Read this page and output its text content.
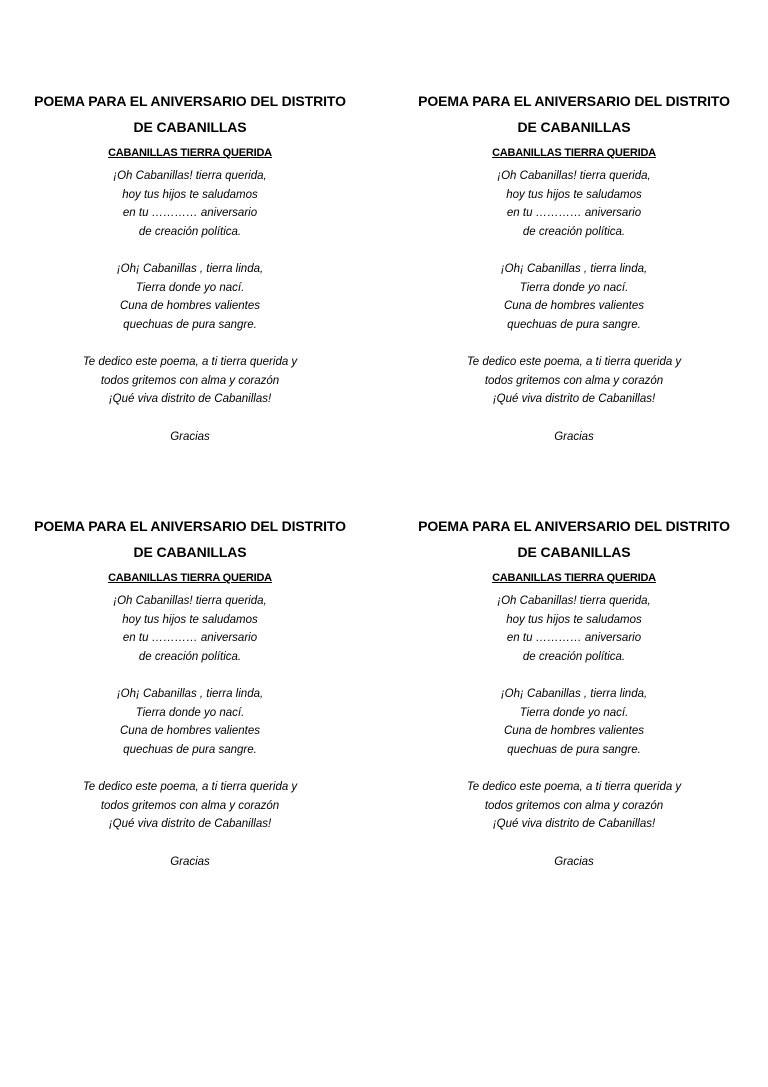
POEMA PARA EL ANIVERSARIO DEL DISTRITO
DE CABANILLAS
CABANILLAS TIERRA QUERIDA
¡Oh Cabanillas! tierra querida,
hoy tus hijos te saludamos
en tu ………… aniversario
de creación política.
¡Oh¡ Cabanillas , tierra linda,
Tierra donde yo nací.
Cuna de hombres valientes
quechuas de pura sangre.
Te dedico este poema, a ti tierra querida y
todos gritemos con alma y corazón
¡Qué viva distrito de Cabanillas!
Gracias
POEMA PARA EL ANIVERSARIO DEL DISTRITO
DE CABANILLAS
CABANILLAS TIERRA QUERIDA
¡Oh Cabanillas! tierra querida,
hoy tus hijos te saludamos
en tu ………… aniversario
de creación política.
¡Oh¡ Cabanillas , tierra linda,
Tierra donde yo nací.
Cuna de hombres valientes
quechuas de pura sangre.
Te dedico este poema, a ti tierra querida y
todos gritemos con alma y corazón
¡Qué viva distrito de Cabanillas!
Gracias
POEMA PARA EL ANIVERSARIO DEL DISTRITO
DE CABANILLAS
CABANILLAS TIERRA QUERIDA
¡Oh Cabanillas! tierra querida,
hoy tus hijos te saludamos
en tu ………… aniversario
de creación política.
¡Oh¡ Cabanillas , tierra linda,
Tierra donde yo nací.
Cuna de hombres valientes
quechuas de pura sangre.
Te dedico este poema, a ti tierra querida y
todos gritemos con alma y corazón
¡Qué viva distrito de Cabanillas!
Gracias
POEMA PARA EL ANIVERSARIO DEL DISTRITO
DE CABANILLAS
CABANILLAS TIERRA QUERIDA
¡Oh Cabanillas! tierra querida,
hoy tus hijos te saludamos
en tu ………… aniversario
de creación política.
¡Oh¡ Cabanillas , tierra linda,
Tierra donde yo nací.
Cuna de hombres valientes
quechuas de pura sangre.
Te dedico este poema, a ti tierra querida y
todos gritemos con alma y corazón
¡Qué viva distrito de Cabanillas!
Gracias
